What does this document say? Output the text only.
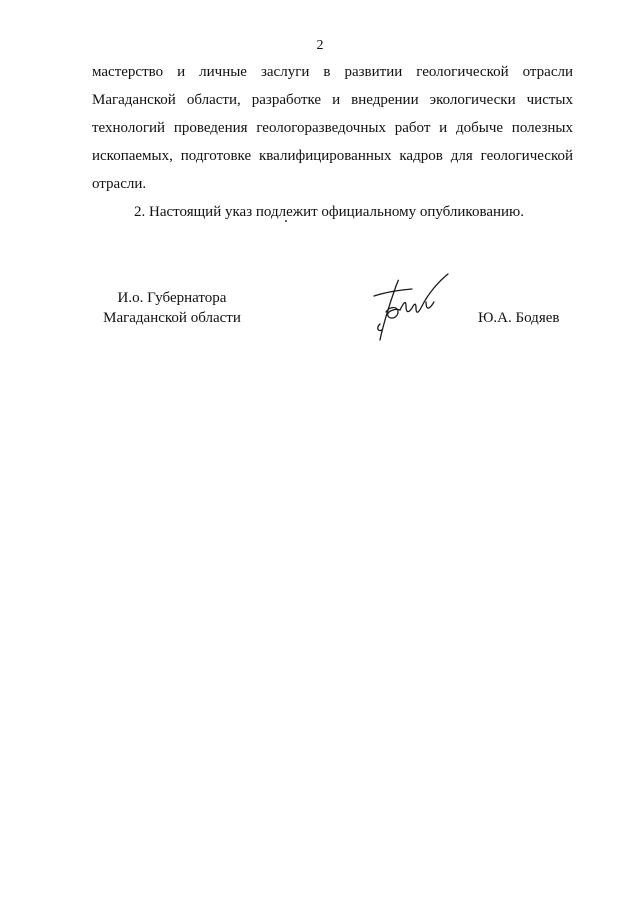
2
мастерство и личные заслуги в развитии геологической отрасли
Магаданской области, разработке и внедрении экологически чистых
технологий проведения геологоразведочных работ и добыче полезных
ископаемых, подготовке квалифицированных кадров для геологической
отрасли.
2. Настоящий указ подлежит официальному опубликованию.
И.о. Губернатора
Магаданской области	Ю.А. Бодяев
